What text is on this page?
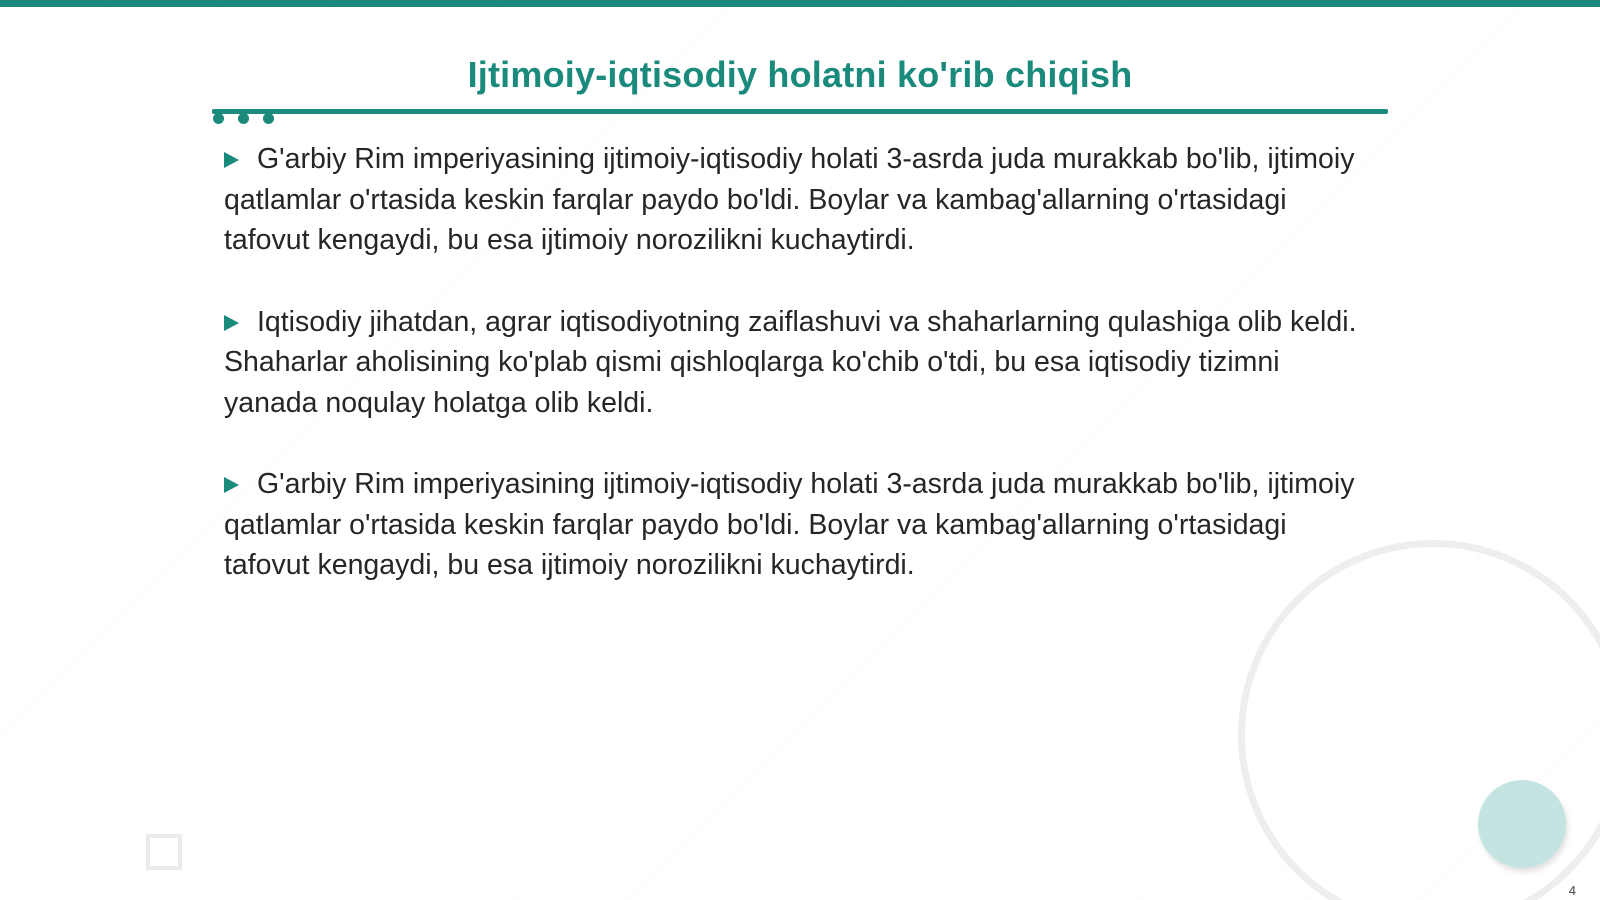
Ijtimoiy-iqtisodiy holatni ko'rib chiqish

G'arbiy Rim imperiyasining ijtimoiy-iqtisodiy holati 3-asrda juda murakkab bo'lib, ijtimoiy qatlamlar o'rtasida keskin farqlar paydo bo'ldi. Boylar va kambag'allarning o'rtasidagi tafovut kengaydi, bu esa ijtimoiy norozilikni kuchaytirdi.

Iqtisodiy jihatdan, agrar iqtisodiyotning zaiflashuvi va shaharlarning qulashiga olib keldi. Shaharlar aholisining ko'plab qismi qishloqlarga ko'chib o'tdi, bu esa iqtisodiy tizimni yanada noqulay holatga olib keldi.

G'arbiy Rim imperiyasining ijtimoiy-iqtisodiy holati 3-asrda juda murakkab bo'lib, ijtimoiy qatlamlar o'rtasida keskin farqlar paydo bo'ldi. Boylar va kambag'allarning o'rtasidagi tafovut kengaydi, bu esa ijtimoiy norozilikni kuchaytirdi.

4
